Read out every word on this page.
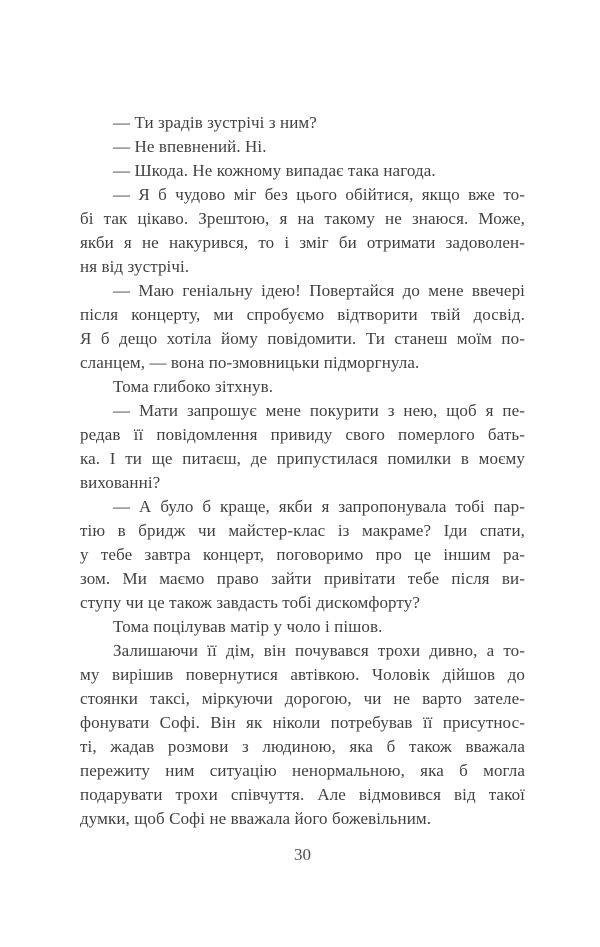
— Ти зрадів зустрічі з ним?
— Не впевнений. Ні.
— Шкода. Не кожному випадає така нагода.
— Я б чудово міг без цього обійтися, якщо вже то-
бі так цікаво. Зрештою, я на такому не знаюся. Може,
якби я не накурився, то і зміг би отримати задоволен-
ня від зустрічі.
— Маю геніальну ідею! Повертайся до мене ввечері
після концерту, ми спробуємо відтворити твій досвід.
Я б дещо хотіла йому повідомити. Ти станеш моїм по-
сланцем, — вона по-змовницьки підморгнула.
Тома глибоко зітхнув.
— Мати запрошує мене покурити з нею, щоб я пе-
редав її повідомлення привиду свого померлого бать-
ка. І ти ще питаєш, де припустилася помилки в моєму
вихованні?
— А було б краще, якби я запропонувала тобі пар-
тію в бридж чи майстер-клас із макраме? Іди спати,
у тебе завтра концерт, поговоримо про це іншим ра-
зом. Ми маємо право зайти привітати тебе після ви-
ступу чи це також завдасть тобі дискомфорту?
Тома поцілував матір у чоло і пішов.
Залишаючи її дім, він почувався трохи дивно, а то-
му вирішив повернутися автівкою. Чоловік дійшов до
стоянки таксі, міркуючи дорогою, чи не варто зателе-
фонувати Софі. Він як ніколи потребував її присутнос-
ті, жадав розмови з людиною, яка б також вважала
пережиту ним ситуацію ненормальною, яка б могла
подарувати трохи співчуття. Але відмовився від такої
думки, щоб Софі не вважала його божевільним.
30
